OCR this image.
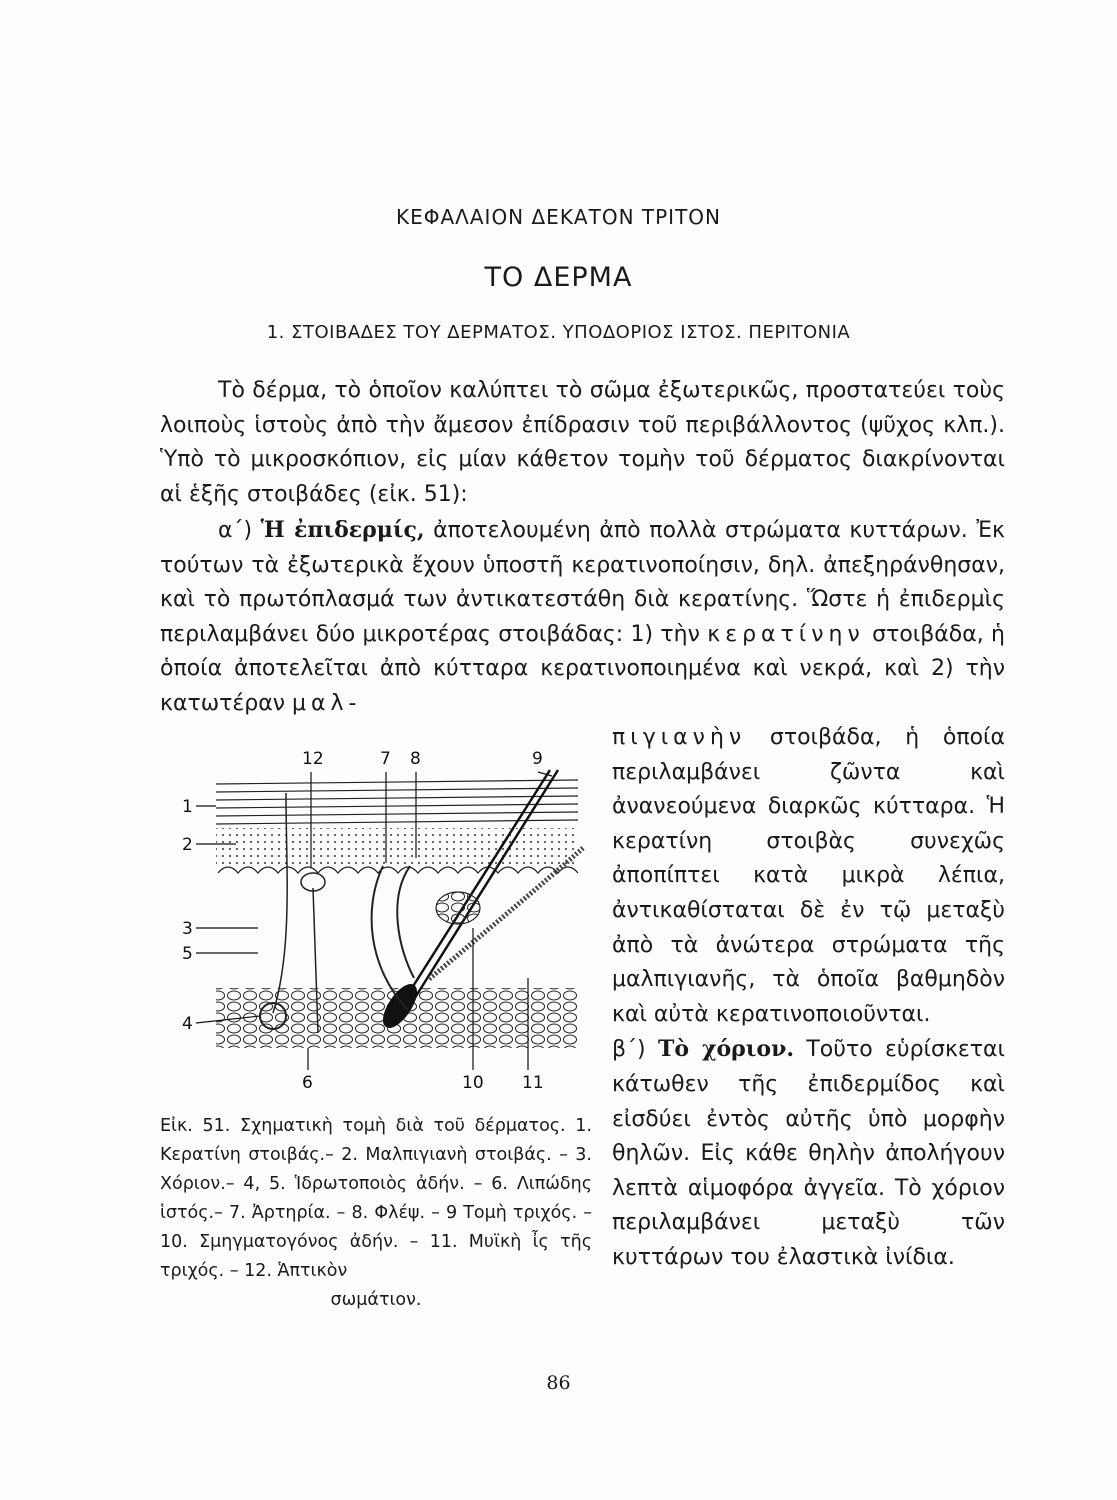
ΚΕΦΑΛΑΙΟΝ ΔΕΚΑΤΟΝ ΤΡΙΤΟΝ
ΤΟ ΔΕΡΜΑ
1. ΣΤΟΙΒΑΔΕΣ ΤΟΥ ΔΕΡΜΑΤΟΣ. ΥΠΟΔΟΡΙΟΣ ΙΣΤΟΣ. ΠΕΡΙΤΟΝΙΑ

Τὸ δέρμα, τὸ ὁποῖον καλύπτει τὸ σῶμα ἐξωτερικῶς, προστατεύει τοὺς λοιποὺς ἱστοὺς ἀπὸ τὴν ἄμεσον ἐπίδρασιν τοῦ περιβάλλοντος (ψῦχος κλπ.). Ὑπὸ τὸ μικροσκόπιον, εἰς μίαν κάθετον τομὴν τοῦ δέρματος διακρίνονται αἱ ἑξῆς στοιβάδες (εἰκ. 51):

α΄) Ἡ ἐπιδερμίς, ἀποτελουμένη ἀπὸ πολλὰ στρώματα κυττάρων. Ἐκ τούτων τὰ ἐξωτερικὰ ἔχουν ὑποστῆ κερατινοποίησιν, δηλ. ἀπεξηράνθησαν, καὶ τὸ πρωτόπλασμά των ἀντικατεστάθη διὰ κερατίνης. Ὥστε ἡ ἐπιδερμὶς περιλαμβάνει δύο μικροτέρας στοιβάδας: 1) τὴν κερατίνην στοιβάδα, ἡ ὁποία ἀποτελεῖται ἀπὸ κύτταρα κερατινοποιημένα καὶ νεκρά, καὶ 2) τὴν κατωτέραν μαλ-

πιγιανὴν στοιβάδα, ἡ ὁποία περιλαμβάνει ζῶντα καὶ ἀνανεούμενα διαρκῶς κύτταρα. Ἡ κερατίνη στοιβὰς συνεχῶς ἀποπίπτει κατὰ μικρὰ λέπια, ἀντικαθίσταται δὲ ἐν τῷ μεταξὺ ἀπὸ τὰ ἀνώτερα στρώματα τῆς μαλπιγιανῆς, τὰ ὁποῖα βαθμηδὸν καὶ αὐτὰ κερατινοποιοῦνται.
β΄) Τὸ χόριον. Τοῦτο εὑρίσκεται κάτωθεν τῆς ἐπιδερμίδος καὶ εἰσδύει ἐντὸς αὐτῆς ὑπὸ μορφὴν θηλῶν. Εἰς κάθε θηλὴν ἀπολήγουν λεπτὰ αἱμοφόρα ἀγγεῖα. Τὸ χόριον περιλαμβάνει μεταξὺ τῶν κυττάρων του ἐλαστικὰ ἰνίδια.

12	7 8	9
1
2
3
5
4
6	10 11

Εἰκ. 51. Σχηματικὴ τομὴ διὰ τοῦ δέρματος. 1. Κερατίνη στοιβάς.– 2. Μαλπιγιανὴ στοιβάς. – 3. Χόριον.– 4, 5. Ἱδρωτοποιὸς ἀδήν. – 6. Λιπώδης ἱστός.– 7. Ἀρτηρία. – 8. Φλέψ. – 9 Τομὴ τριχός. – 10. Σμηγματογόνος ἀδήν. – 11. Μυϊκὴ ἶς τῆς τριχός. – 12. Ἁπτικὸν
σωμάτιον.

86
